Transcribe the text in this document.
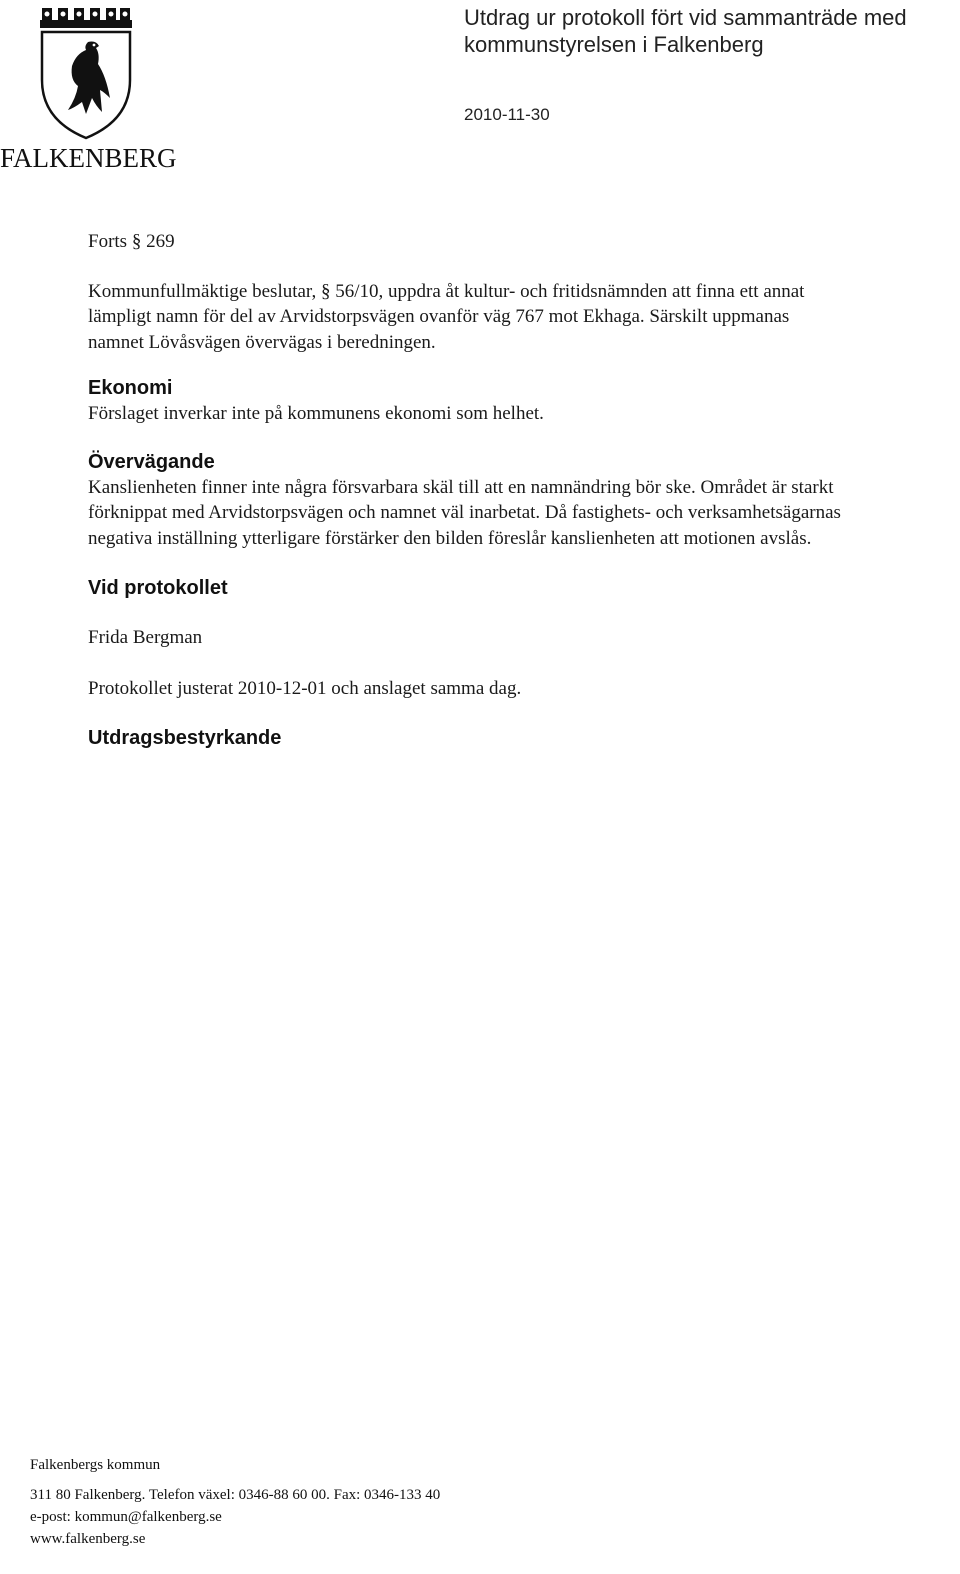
FALKENBERG
Utdrag ur protokoll fört vid sammanträde med
kommunstyrelsen i Falkenberg
2010-11-30

Forts § 269

Kommunfullmäktige beslutar, § 56/10, uppdra åt kultur- och fritidsnämnden att finna ett annat

lämpligt namn för del av Arvidstorpsvägen ovanför väg 767 mot Ekhaga. Särskilt uppmanas

namnet Lövåsvägen övervägas i beredningen.

Ekonomi

Förslaget inverkar inte på kommunens ekonomi som helhet.

Övervägande

Kanslienheten finner inte några försvarbara skäl till att en namnändring bör ske. Området är starkt

förknippat med Arvidstorpsvägen och namnet väl inarbetat. Då fastighets- och verksamhetsägarnas

negativa inställning ytterligare förstärker den bilden föreslår kanslienheten att motionen avslås.

Vid protokollet

Frida Bergman

Protokollet justerat 2010-12-01 och anslaget samma dag.

Utdragsbestyrkande

Falkenbergs kommun
311 80 Falkenberg. Telefon växel: 0346-88 60 00. Fax: 0346-133 40
e-post: kommun@falkenberg.se
www.falkenberg.se
